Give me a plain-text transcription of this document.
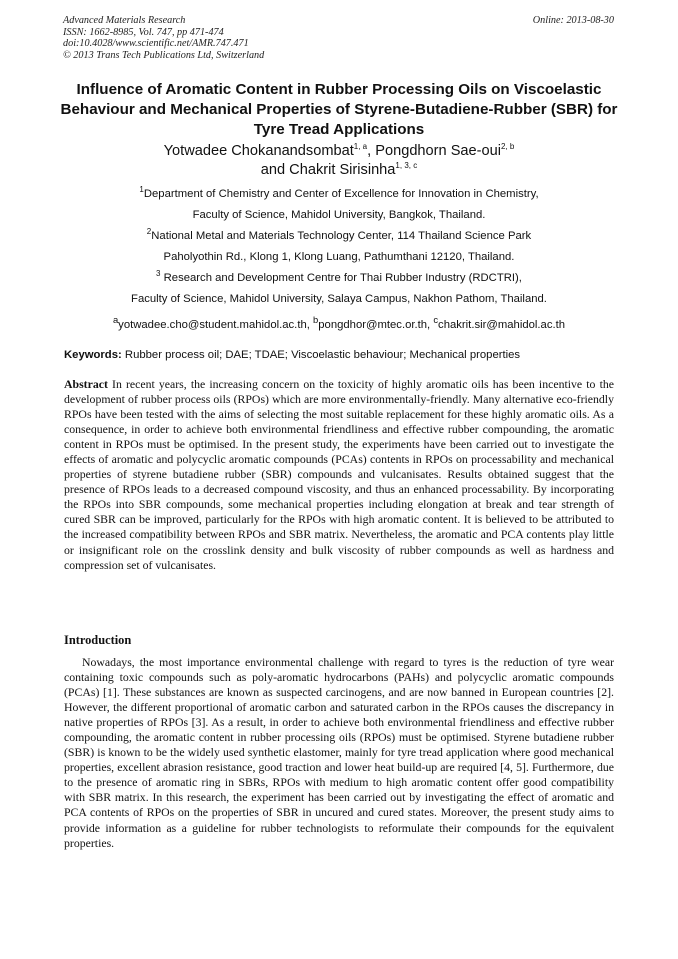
Advanced Materials Research
ISSN: 1662-8985, Vol. 747, pp 471-474
doi:10.4028/www.scientific.net/AMR.747.471
© 2013 Trans Tech Publications Ltd, Switzerland
Online: 2013-08-30
Influence of Aromatic Content in Rubber Processing Oils on Viscoelastic Behaviour and Mechanical Properties of Styrene-Butadiene-Rubber (SBR) for Tyre Tread Applications
Yotwadee Chokanandsombat$^{1, a}$, Pongdhorn Sae-oui$^{2, b}$
and Chakrit Sirisinha$^{1, 3, c}$
$^1$Department of Chemistry and Center of Excellence for Innovation in Chemistry,
Faculty of Science, Mahidol University, Bangkok, Thailand.
$^2$National Metal and Materials Technology Center, 114 Thailand Science Park
Paholyothin Rd., Klong 1, Klong Luang, Pathumthani 12120, Thailand.
$^3$ Research and Development Centre for Thai Rubber Industry (RDCTRI),
Faculty of Science, Mahidol University, Salaya Campus, Nakhon Pathom, Thailand.
$^a$yotwadee.cho@student.mahidol.ac.th, $^b$pongdhor@mtec.or.th, $^c$chakrit.sir@mahidol.ac.th
Keywords: Rubber process oil; DAE; TDAE; Viscoelastic behaviour; Mechanical properties
Abstract In recent years, the increasing concern on the toxicity of highly aromatic oils has been incentive to the development of rubber process oils (RPOs) which are more environmentally-friendly. Many alternative eco-friendly RPOs have been tested with the aims of selecting the most suitable replacement for these highly aromatic oils. As a consequence, in order to achieve both environmental friendliness and effective rubber compounding, the aromatic content in RPOs must be optimised. In the present study, the experiments have been carried out to investigate the effects of aromatic and polycyclic aromatic compounds (PCAs) contents in RPOs on processability and mechanical properties of styrene butadiene rubber (SBR) compounds and vulcanisates. Results obtained suggest that the presence of RPOs leads to a decreased compound viscosity, and thus an enhanced processability. By incorporating the RPOs into SBR compounds, some mechanical properties including elongation at break and tear strength of cured SBR can be improved, particularly for the RPOs with high aromatic content. It is believed to be attributed to the increased compatibility between RPOs and SBR matrix. Nevertheless, the aromatic and PCA contents play little or insignificant role on the crosslink density and bulk viscosity of rubber compounds as well as hardness and compression set of vulcanisates.
Introduction
Nowadays, the most importance environmental challenge with regard to tyres is the reduction of tyre wear containing toxic compounds such as poly-aromatic hydrocarbons (PAHs) and polycyclic aromatic compounds (PCAs) [1]. These substances are known as suspected carcinogens, and are now banned in European countries [2]. However, the different proportional of aromatic carbon and saturated carbon in the RPOs causes the discrepancy in native properties of RPOs [3]. As a result, in order to achieve both environmental friendliness and effective rubber compounding, the aromatic content in rubber processing oils (RPOs) must be optimised. Styrene butadiene rubber (SBR) is known to be the widely used synthetic elastomer, mainly for tyre tread application where good mechanical properties, excellent abrasion resistance, good traction and lower heat build-up are required [4, 5]. Furthermore, due to the presence of aromatic ring in SBRs, RPOs with medium to high aromatic content offer good compatibility with SBR matrix. In this research, the experiment has been carried out by investigating the effect of aromatic and PCA contents of RPOs on the properties of SBR in uncured and cured states. Moreover, the present study aims to provide information as a guideline for rubber technologists to reformulate their compounds for the equivalent properties.
